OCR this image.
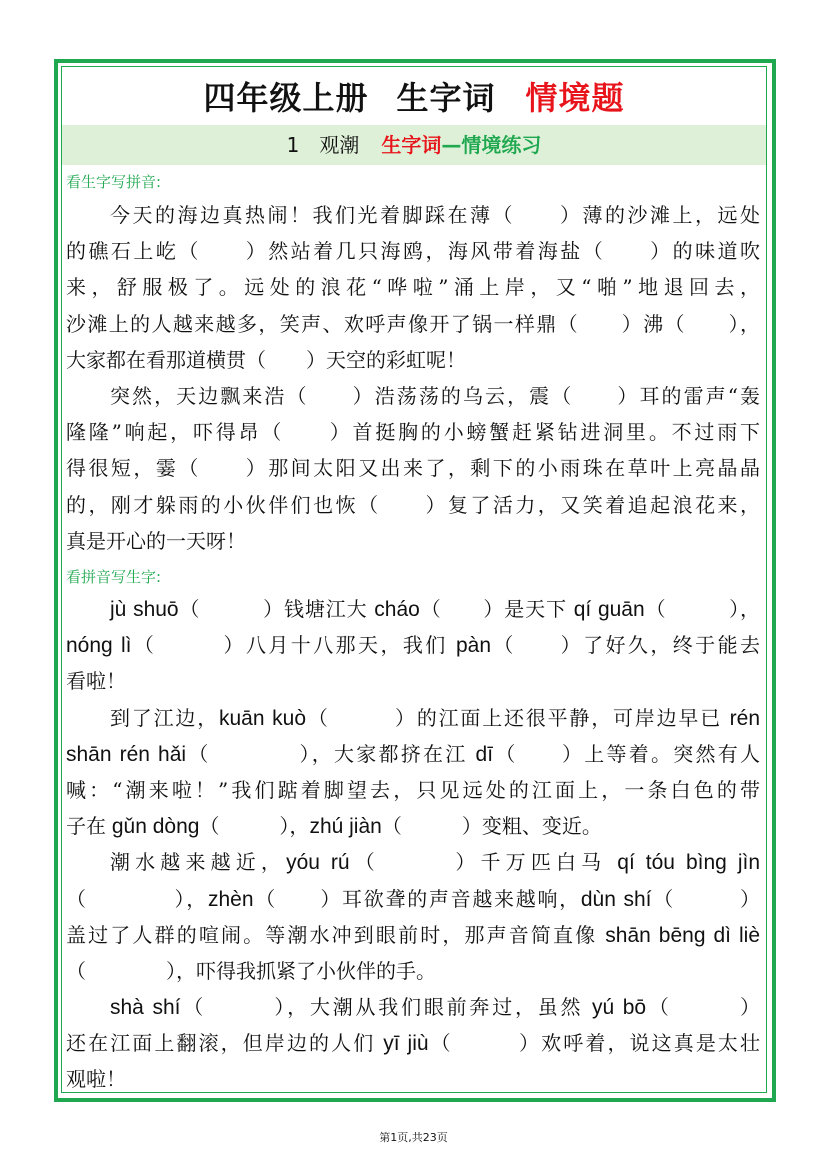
四年级上册 生字词 情境题
1　观潮 生字词—情境练习
看生字写拼音:
今天的海边真热闹！我们光着脚踩在薄（　　）薄的沙滩上，远处
的礁石上屹（　　）然站着几只海鸥，海风带着海盐（　　）的味道吹
来，舒服极了。远处的浪花“哗啦”涌上岸，又“啪”地退回去，
沙滩上的人越来越多，笑声、欢呼声像开了锅一样鼎（　　）沸（　　），
大家都在看那道横贯（　　）天空的彩虹呢！
突然，天边飘来浩（　　）浩荡荡的乌云，震（　　）耳的雷声“轰
隆隆”响起，吓得昂（　　）首挺胸的小螃蟹赶紧钻进洞里。不过雨下
得很短，霎（　　）那间太阳又出来了，剩下的小雨珠在草叶上亮晶晶
的，刚才躲雨的小伙伴们也恢（　　）复了活力，又笑着追起浪花来，
真是开心的一天呀！
看拼音写生字:
jù shuō（　　　）钱塘江大 cháo（　　）是天下 qí guān（　　　），
nóng lì（　　　）八月十八那天，我们 pàn（　　）了好久，终于能去
看啦！
到了江边，kuān kuò（　　　）的江面上还很平静，可岸边早已 rén
shān rén hǎi（　　　　），大家都挤在江 dī（　　）上等着。突然有人
喊：“潮来啦！”我们踮着脚望去，只见远处的江面上，一条白色的带
子在 gǔn dòng（　　　），zhú jiàn（　　　）变粗、变近。
潮水越来越近，yóu rú（　　　）千万匹白马 qí tóu bìng jìn
（　　　　），zhèn（　　）耳欲聋的声音越来越响，dùn shí（　　　）
盖过了人群的喧闹。等潮水冲到眼前时，那声音简直像 shān bēng dì liè
（　　　　），吓得我抓紧了小伙伴的手。
shà shí（　　　），大潮从我们眼前奔过，虽然 yú bō（　　　）
还在江面上翻滚，但岸边的人们 yī jiù（　　　）欢呼着，说这真是太壮
观啦！
第1页,共23页
